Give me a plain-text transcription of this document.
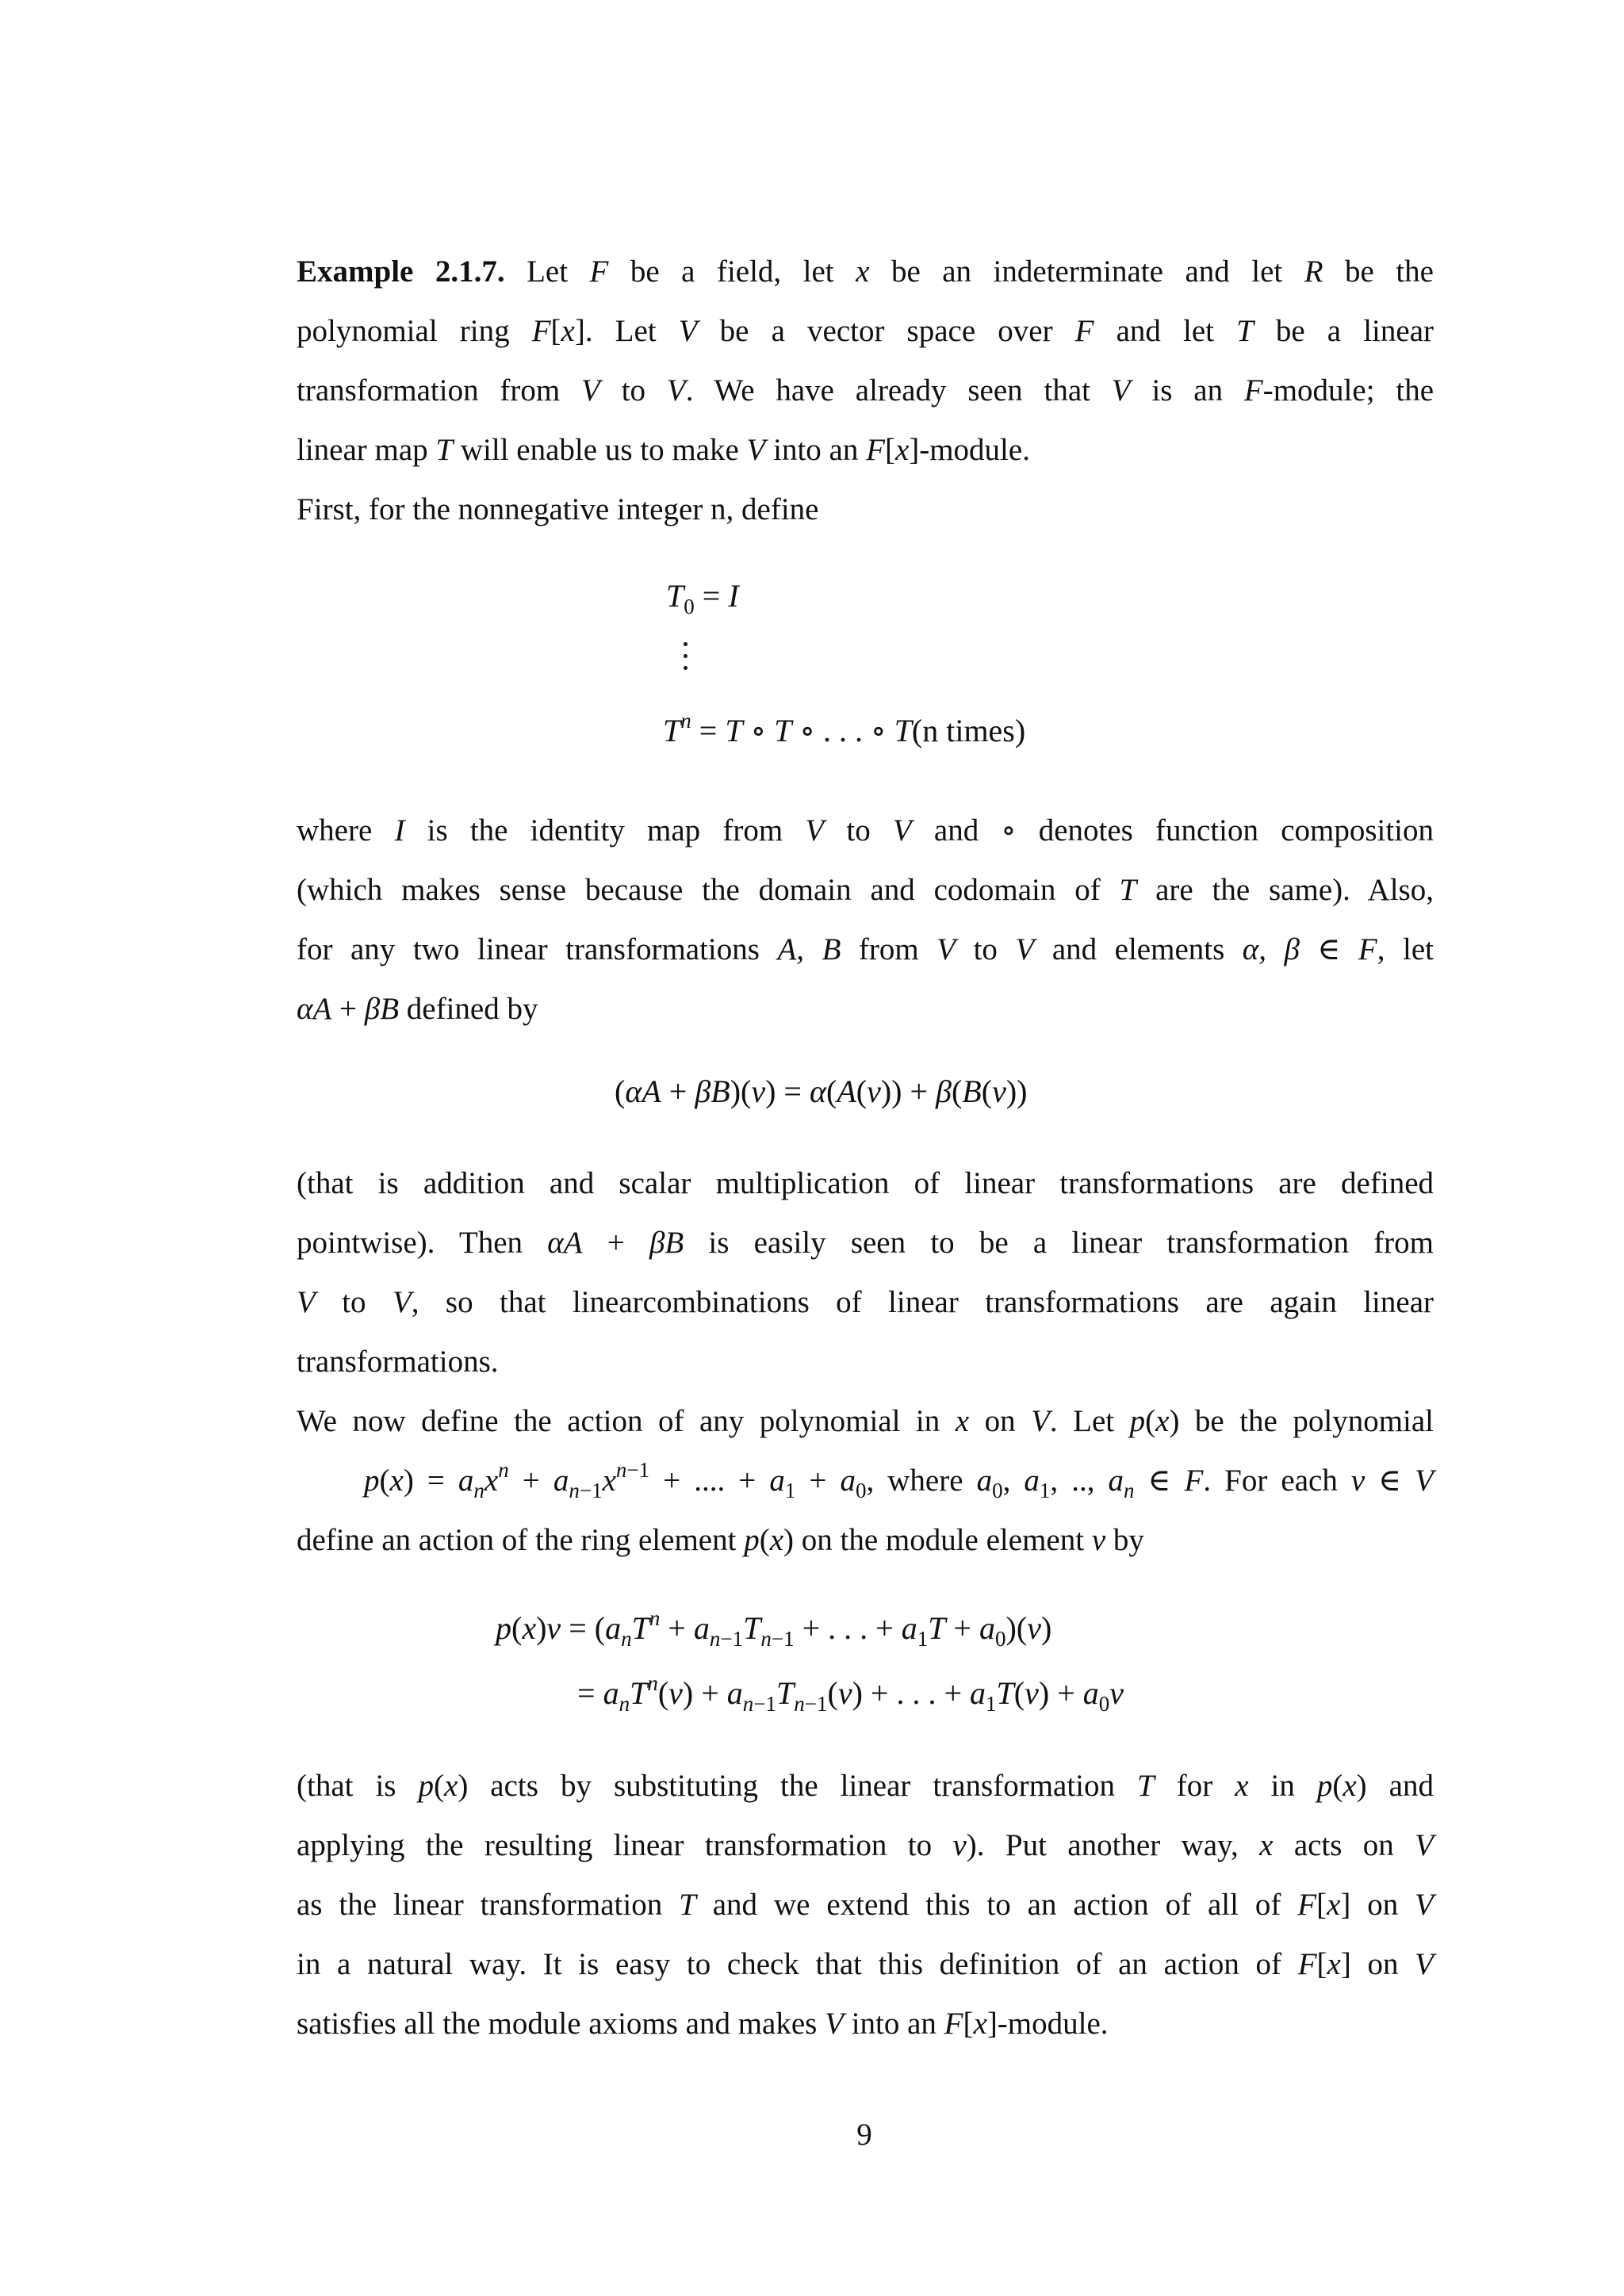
Example 2.1.7. Let F be a field, let x be an indeterminate and let R be the
polynomial ring F[x]. Let V be a vector space over F and let T be a linear
transformation from V to V. We have already seen that V is an F-module; the
linear map T will enable us to make V into an F[x]-module.
First, for the nonnegative integer n, define
$T_0 = I$
$T^n = T$ ∘ T ∘ . . . ∘ T(n times)
where I is the identity map from V to V and ∘ denotes function composition
(which makes sense because the domain and codomain of T are the same). Also,
for any two linear transformations A, B from V to V and elements α, β ∈ F, let
αA + βB defined by
(αA + βB)(v) = α(A(v)) + β(B(v))
(that is addition and scalar multiplication of linear transformations are defined
pointwise). Then αA + βB is easily seen to be a linear transformation from
V to V, so that linearcombinations of linear transformations are again linear
transformations.
We now define the action of any polynomial in x on V. Let p(x) be the polynomial
$p(x) = a_nx^n + a_{n-1}x^{n-1}$ + .... + $a_1 + a_0$, where $a_0$, $a_1$, .., $a_n$ ∈ F. For each v ∈ V
define an action of the ring element p(x) on the module element v by
$p(x)v = (a_nT^n + a_{n-1}T_{n-1}$ + . . . + $a_1T + a_0)(v)$
= $a_nT^n(v) + a_{n-1}T_{n-1}(v)$ + . . . + $a_1T(v) + a_0v$
(that is p(x) acts by substituting the linear transformation T for x in p(x) and
applying the resulting linear transformation to v). Put another way, x acts on V
as the linear transformation T and we extend this to an action of all of F[x] on V
in a natural way. It is easy to check that this definition of an action of F[x] on V
satisfies all the module axioms and makes V into an F[x]-module.
9
